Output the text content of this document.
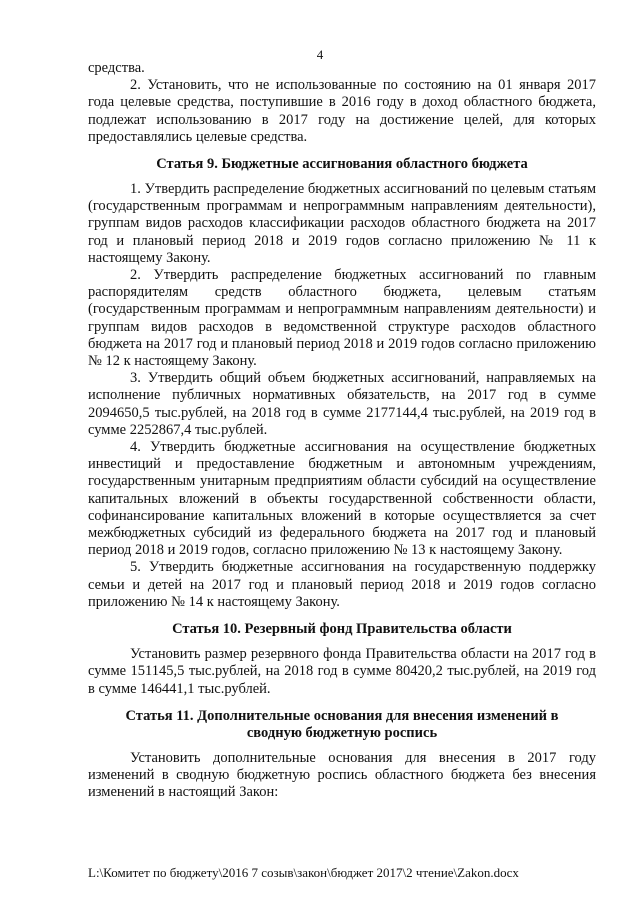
4

средства.

2. Установить, что не использованные по состоянию на 01 января 2017 года целевые средства, поступившие в 2016 году в доход областного бюджета, подлежат использованию в 2017 году на достижение целей, для которых предоставлялись целевые средства.

Статья 9. Бюджетные ассигнования областного бюджета

1. Утвердить распределение бюджетных ассигнований по целевым статьям (государственным программам и непрограммным направлениям деятельности), группам видов расходов классификации расходов областного бюджета на 2017 год и плановый период 2018 и 2019 годов согласно приложению № 11 к настоящему Закону.

2. Утвердить распределение бюджетных ассигнований по главным распорядителям средств областного бюджета, целевым статьям (государственным программам и непрограммным направлениям деятельности) и группам видов расходов в ведомственной структуре расходов областного бюджета на 2017 год и плановый период 2018 и 2019 годов согласно приложению № 12 к настоящему Закону.

3. Утвердить общий объем бюджетных ассигнований, направляемых на исполнение публичных нормативных обязательств, на 2017 год в сумме 2094650,5 тыс.рублей, на 2018 год в сумме 2177144,4 тыс.рублей, на 2019 год в сумме 2252867,4 тыс.рублей.

4. Утвердить бюджетные ассигнования на осуществление бюджетных инвестиций и предоставление бюджетным и автономным учреждениям, государственным унитарным предприятиям области субсидий на осуществление капитальных вложений в объекты государственной собственности области, софинансирование капитальных вложений в которые осуществляется за счет межбюджетных субсидий из федерального бюджета на 2017 год и плановый период 2018 и 2019 годов, согласно приложению № 13 к настоящему Закону.

5. Утвердить бюджетные ассигнования на государственную поддержку семьи и детей на 2017 год и плановый период 2018 и 2019 годов согласно приложению № 14 к настоящему Закону.

Статья 10. Резервный фонд Правительства области

Установить размер резервного фонда Правительства области на 2017 год в сумме 151145,5 тыс.рублей, на 2018 год в сумме 80420,2 тыс.рублей, на 2019 год в сумме 146441,1 тыс.рублей.

Статья 11. Дополнительные основания для внесения изменений в
сводную бюджетную роспись

Установить дополнительные основания для внесения в 2017 году изменений в сводную бюджетную роспись областного бюджета без внесения изменений в настоящий Закон:

L:\Комитет по бюджету\2016 7 созыв\закон\бюджет 2017\2 чтение\Zakon.docx
